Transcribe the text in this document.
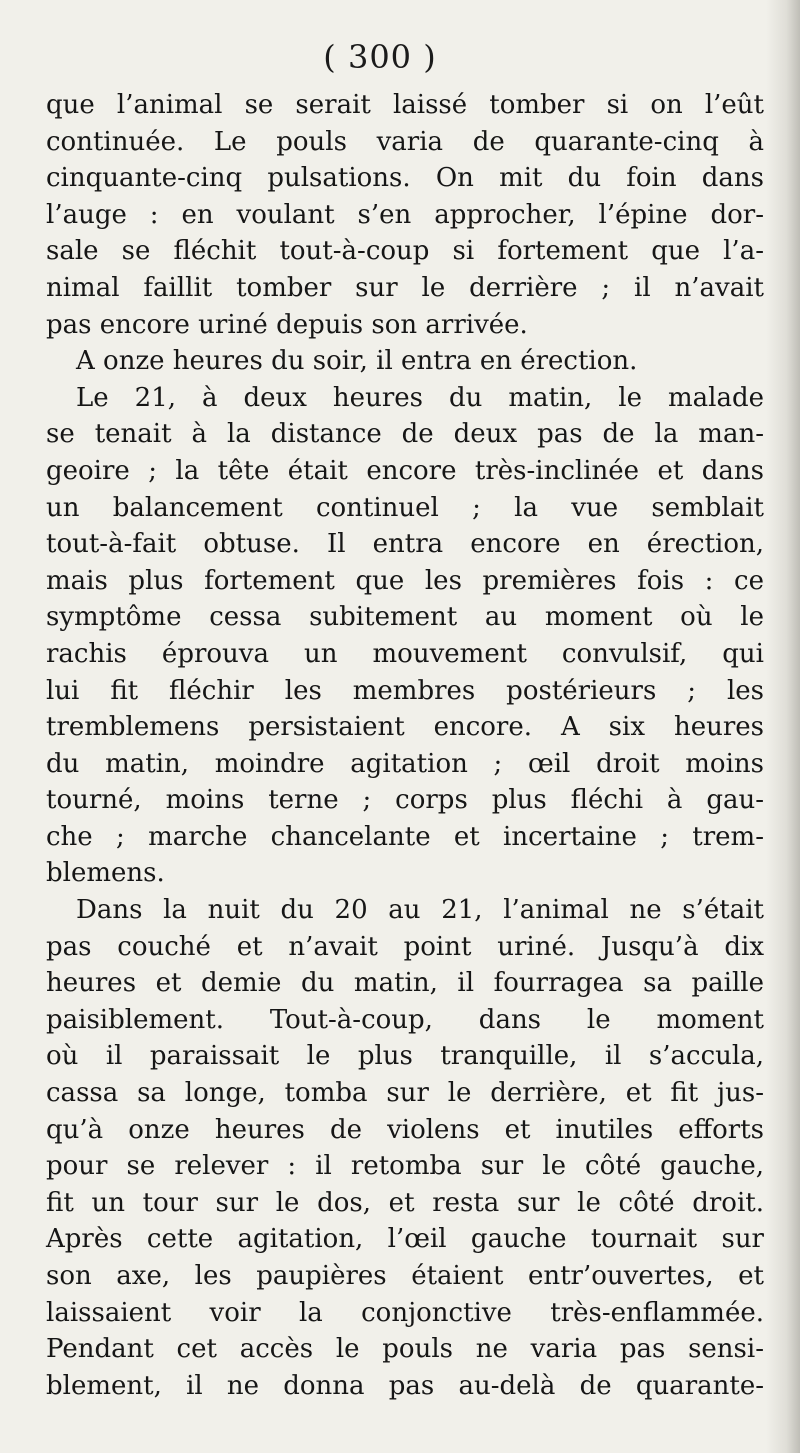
( 300 )
que l’animal se serait laissé tomber si on l’eût
continuée. Le pouls varia de quarante-cinq à
cinquante-cinq pulsations. On mit du foin dans
l’auge : en voulant s’en approcher, l’épine dor-
sale se fléchit tout-à-coup si fortement que l’a-
nimal faillit tomber sur le derrière ; il n’avait
pas encore uriné depuis son arrivée.
A onze heures du soir, il entra en érection.
Le 21, à deux heures du matin, le malade
se tenait à la distance de deux pas de la man-
geoire ; la tête était encore très-inclinée et dans
un balancement continuel ; la vue semblait
tout-à-fait obtuse. Il entra encore en érection,
mais plus fortement que les premières fois : ce
symptôme cessa subitement au moment où le
rachis éprouva un mouvement convulsif, qui
lui fit fléchir les membres postérieurs ; les
tremblemens persistaient encore. A six heures
du matin, moindre agitation ; œil droit moins
tourné, moins terne ; corps plus fléchi à gau-
che ; marche chancelante et incertaine ; trem-
blemens.
Dans la nuit du 20 au 21, l’animal ne s’était
pas couché et n’avait point uriné. Jusqu’à dix
heures et demie du matin, il fourragea sa paille
paisiblement. Tout-à-coup, dans le moment
où il paraissait le plus tranquille, il s’accula,
cassa sa longe, tomba sur le derrière, et fit jus-
qu’à onze heures de violens et inutiles efforts
pour se relever : il retomba sur le côté gauche,
fit un tour sur le dos, et resta sur le côté droit.
Après cette agitation, l’œil gauche tournait sur
son axe, les paupières étaient entr’ouvertes, et
laissaient voir la conjonctive très-enflammée.
Pendant cet accès le pouls ne varia pas sensi-
blement, il ne donna pas au-delà de quarante-
